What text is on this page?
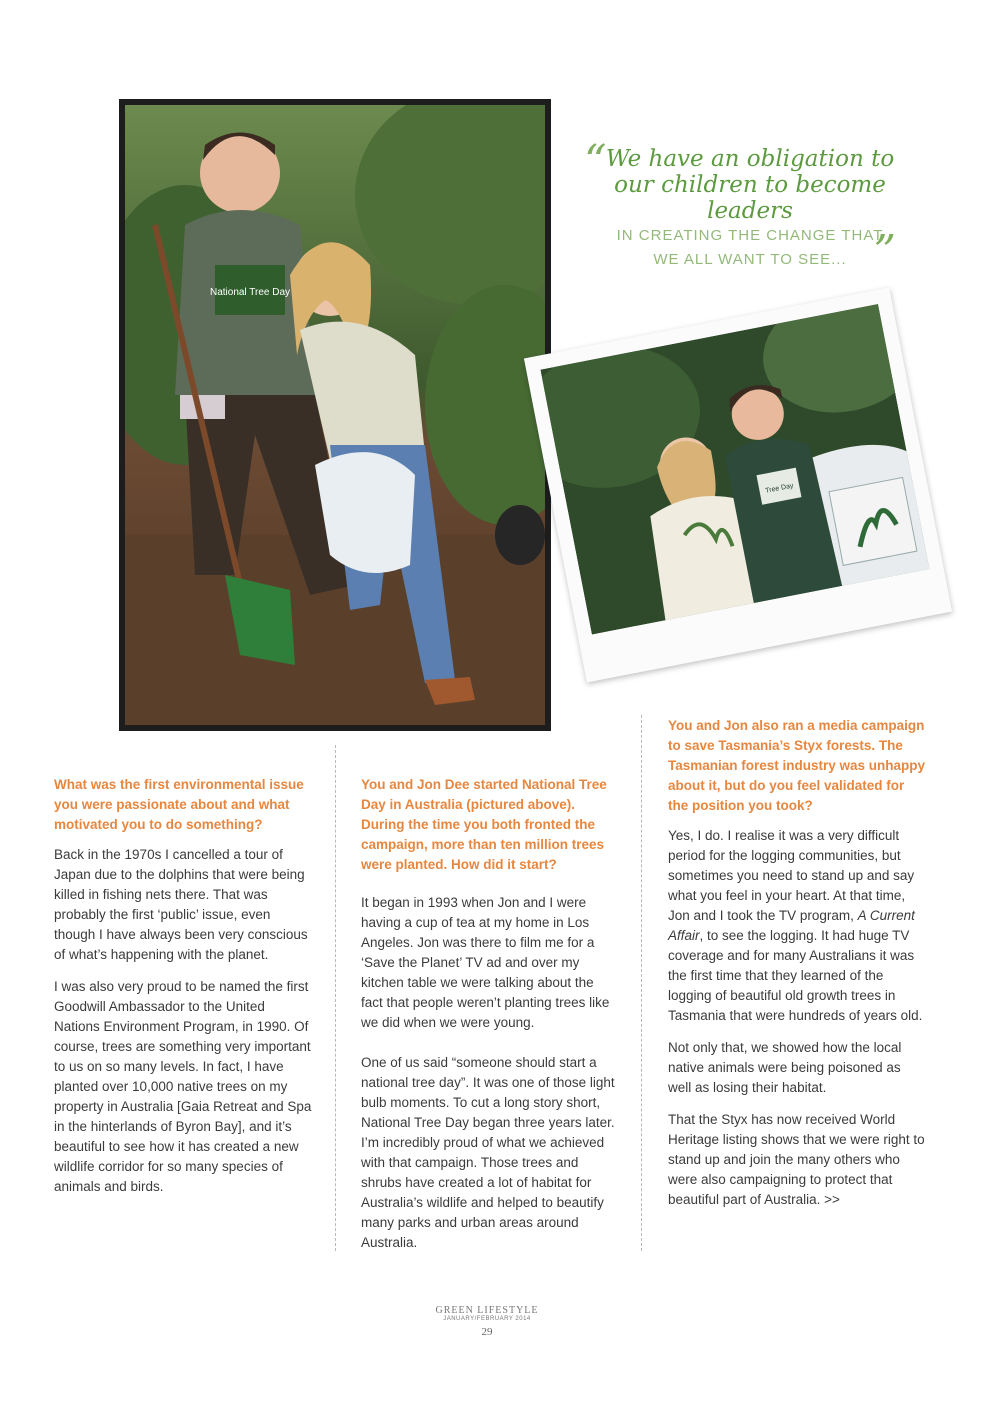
National Tree Day
“ We have an obligation to
our children to become leaders
IN CREATING THE CHANGE THAT
WE ALL WANT TO SEE... ”
Tree Day

What was the first environmental issue you were passionate about and what motivated you to do something?

Back in the 1970s I cancelled a tour of Japan due to the dolphins that were being killed in fishing nets there. That was probably the first ‘public’ issue, even though I have always been very conscious of what’s happening with the planet.

I was also very proud to be named the first Goodwill Ambassador to the United Nations Environment Program, in 1990. Of course, trees are something very important to us on so many levels. In fact, I have planted over 10,000 native trees on my property in Australia [Gaia Retreat and Spa in the hinterlands of Byron Bay], and it’s beautiful to see how it has created a new wildlife corridor for so many species of animals and birds.

You and Jon Dee started National Tree Day in Australia (pictured above). During the time you both fronted the campaign, more than ten million trees were planted. How did it start?

It began in 1993 when Jon and I were having a cup of tea at my home in Los Angeles. Jon was there to film me for a ‘Save the Planet’ TV ad and over my kitchen table we were talking about the fact that people weren’t planting trees like we did when we were young.

One of us said “someone should start a national tree day”. It was one of those light bulb moments. To cut a long story short, National Tree Day began three years later. I’m incredibly proud of what we achieved with that campaign. Those trees and shrubs have created a lot of habitat for Australia’s wildlife and helped to beautify many parks and urban areas around Australia.

You and Jon also ran a media campaign to save Tasmania’s Styx forests. The Tasmanian forest industry was unhappy about it, but do you feel validated for the position you took?

Yes, I do. I realise it was a very difficult period for the logging communities, but sometimes you need to stand up and say what you feel in your heart. At that time, Jon and I took the TV program, A Current Affair, to see the logging. It had huge TV coverage and for many Australians it was the first time that they learned of the logging of beautiful old growth trees in Tasmania that were hundreds of years old.

Not only that, we showed how the local native animals were being poisoned as well as losing their habitat.

That the Styx has now received World Heritage listing shows that we were right to stand up and join the many others who were also campaigning to protect that beautiful part of Australia. >>

GREEN LIFESTYLE
JANUARY/FEBRUARY 2014
29
